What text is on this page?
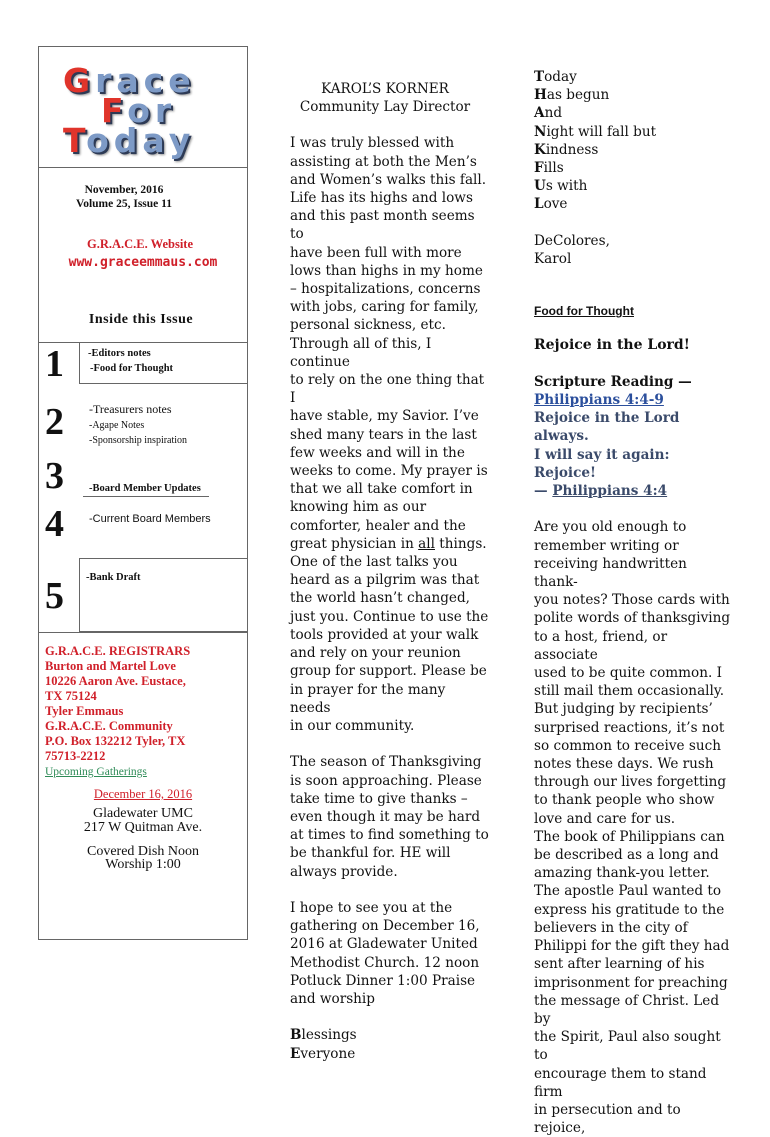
Grace
For
Today
November, 2016
Volume 25, Issue 11
G.R.A.C.E. Website
www.graceemmaus.com
Inside this Issue
1 -Editors notes
-Food for Thought
2 -Treasurers notes
-Agape Notes
-Sponsorship inspiration
3 -Board Member Updates
4 -Current Board Members
5 -Bank Draft
G.R.A.C.E. REGISTRARS
Burton and Martel Love
10226 Aaron Ave. Eustace,
TX 75124
Tyler Emmaus
G.R.A.C.E. Community
P.O. Box 132212 Tyler, TX
75713-2212
Upcoming Gatherings
December 16, 2016
Gladewater UMC
217 W Quitman Ave.
Covered Dish Noon
Worship 1:00
KAROL’S KORNER
Community Lay Director
I was truly blessed with
assisting at both the Men’s
and Women’s walks this fall.
Life has its highs and lows
and this past month seems to
have been full with more
lows than highs in my home
– hospitalizations, concerns
with jobs, caring for family,
personal sickness, etc.
Through all of this, I continue
to rely on the one thing that I
have stable, my Savior. I’ve
shed many tears in the last
few weeks and will in the
weeks to come. My prayer is
that we all take comfort in
knowing him as our
comforter, healer and the
great physician in all things.
One of the last talks you
heard as a pilgrim was that
the world hasn’t changed,
just you. Continue to use the
tools provided at your walk
and rely on your reunion
group for support. Please be
in prayer for the many needs
in our community.
The season of Thanksgiving
is soon approaching. Please
take time to give thanks –
even though it may be hard
at times to find something to
be thankful for. HE will
always provide.
I hope to see you at the
gathering on December 16,
2016 at Gladewater United
Methodist Church. 12 noon
Potluck Dinner 1:00 Praise
and worship
Blessings
Everyone
Today
Has begun
And
Night will fall but
Kindness
Fills
Us with
Love
DeColores,
Karol
Food for Thought
Rejoice in the Lord!
Scripture Reading —
Philippians 4:4-9
Rejoice in the Lord always.
I will say it again: Rejoice!
— Philippians 4:4
Are you old enough to
remember writing or
receiving handwritten thank-
you notes? Those cards with
polite words of thanksgiving
to a host, friend, or associate
used to be quite common. I
still mail them occasionally.
But judging by recipients’
surprised reactions, it’s not
so common to receive such
notes these days. We rush
through our lives forgetting
to thank people who show
love and care for us.
The book of Philippians can
be described as a long and
amazing thank-you letter.
The apostle Paul wanted to
express his gratitude to the
believers in the city of
Philippi for the gift they had
sent after learning of his
imprisonment for preaching
the message of Christ. Led by
the Spirit, Paul also sought to
encourage them to stand firm
in persecution and to rejoice,
